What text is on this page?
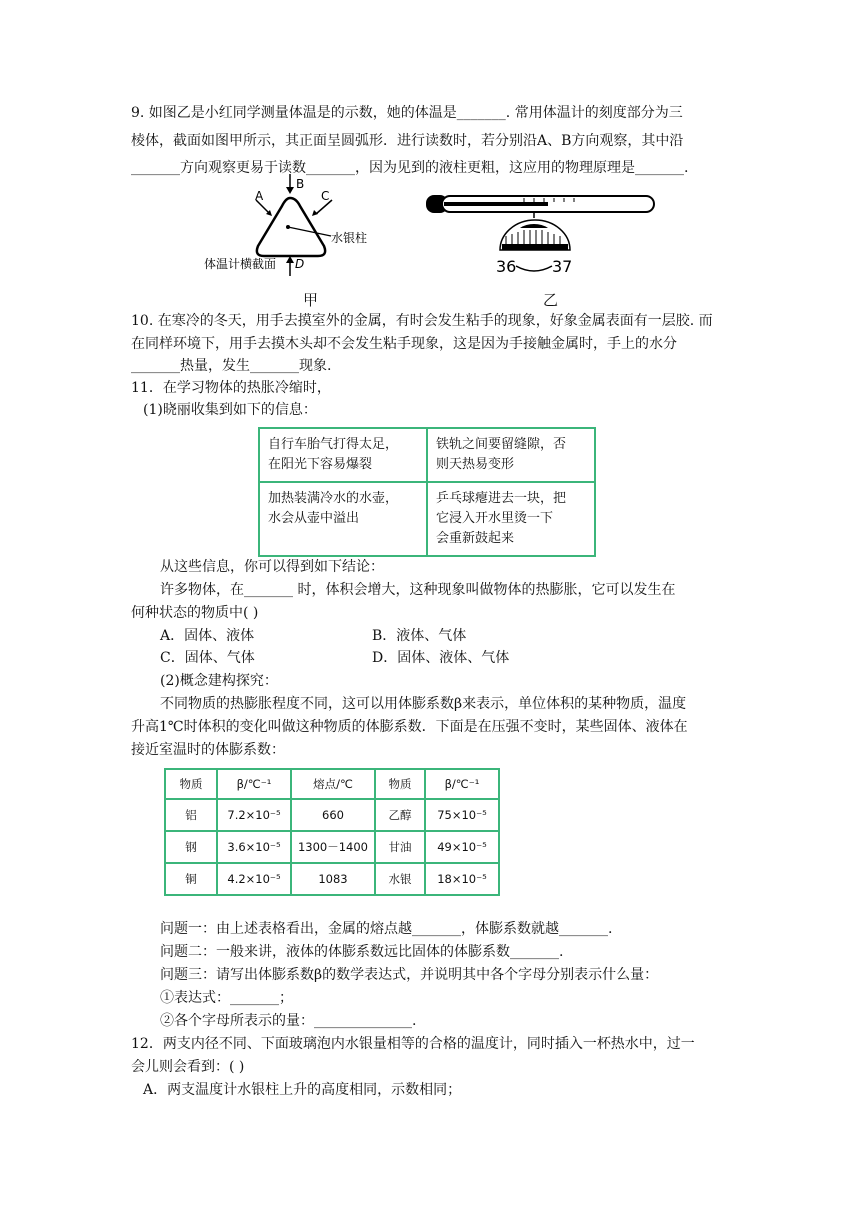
9. 如图乙是小红同学测量体温是的示数，她的体温是_______. 常用体温计的刻度部分为三
棱体，截面如图甲所示，其正面呈圆弧形．进行读数时，若分别沿A、B方向观察，其中沿
_______方向观察更易于读数_______，因为见到的液柱更粗，这应用的物理原理是_______.
B
A	C
水银柱
体温计横截面 D	36 37
甲	乙
10. 在寒冷的冬天，用手去摸室外的金属，有时会发生粘手的现象，好象金属表面有一层胶. 而
在同样环境下，用手去摸木头却不会发生粘手现象，这是因为手接触金属时，手上的水分
_______热量，发生_______现象.
11．在学习物体的热胀冷缩时，
(1)晓丽收集到如下的信息：
自行车胎气打得太足，
在阳光下容易爆裂	铁轨之间要留缝隙，否
则天热易变形
加热装满冷水的水壶，
水会从壶中溢出	乒乓球瘪进去一块，把
它浸入开水里烫一下
会重新鼓起来
从这些信息，你可以得到如下结论：
许多物体，在_______ 时，体积会增大，这种现象叫做物体的热膨胀，它可以发生在
何种状态的物质中( )
A．固体、液体	B．液体、气体
C．固体、气体	D．固体、液体、气体
(2)概念建构探究：
不同物质的热膨胀程度不同，这可以用体膨系数β来表示，单位体积的某种物质，温度
升高1℃时体积的变化叫做这种物质的体膨系数．下面是在压强不变时，某些固体、液体在
接近室温时的体膨系数：
物质	β/℃⁻¹	熔点/℃	物质	β/℃⁻¹
铝	7.2×10⁻⁵	660	乙醇	75×10⁻⁵
钢	3.6×10⁻⁵	1300－1400	甘油	49×10⁻⁵
铜	4.2×10⁻⁵	1083	水银	18×10⁻⁵
问题一：由上述表格看出，金属的熔点越_______，体膨系数就越_______.
问题二：一般来讲，液体的体膨系数远比固体的体膨系数_______.
问题三：请写出体膨系数β的数学表达式，并说明其中各个字母分别表示什么量：
①表达式：_______；
②各个字母所表示的量：______________.
12．两支内径不同、下面玻璃泡内水银量相等的合格的温度计，同时插入一杯热水中，过一
会儿则会看到：( )
A．两支温度计水银柱上升的高度相同，示数相同；
